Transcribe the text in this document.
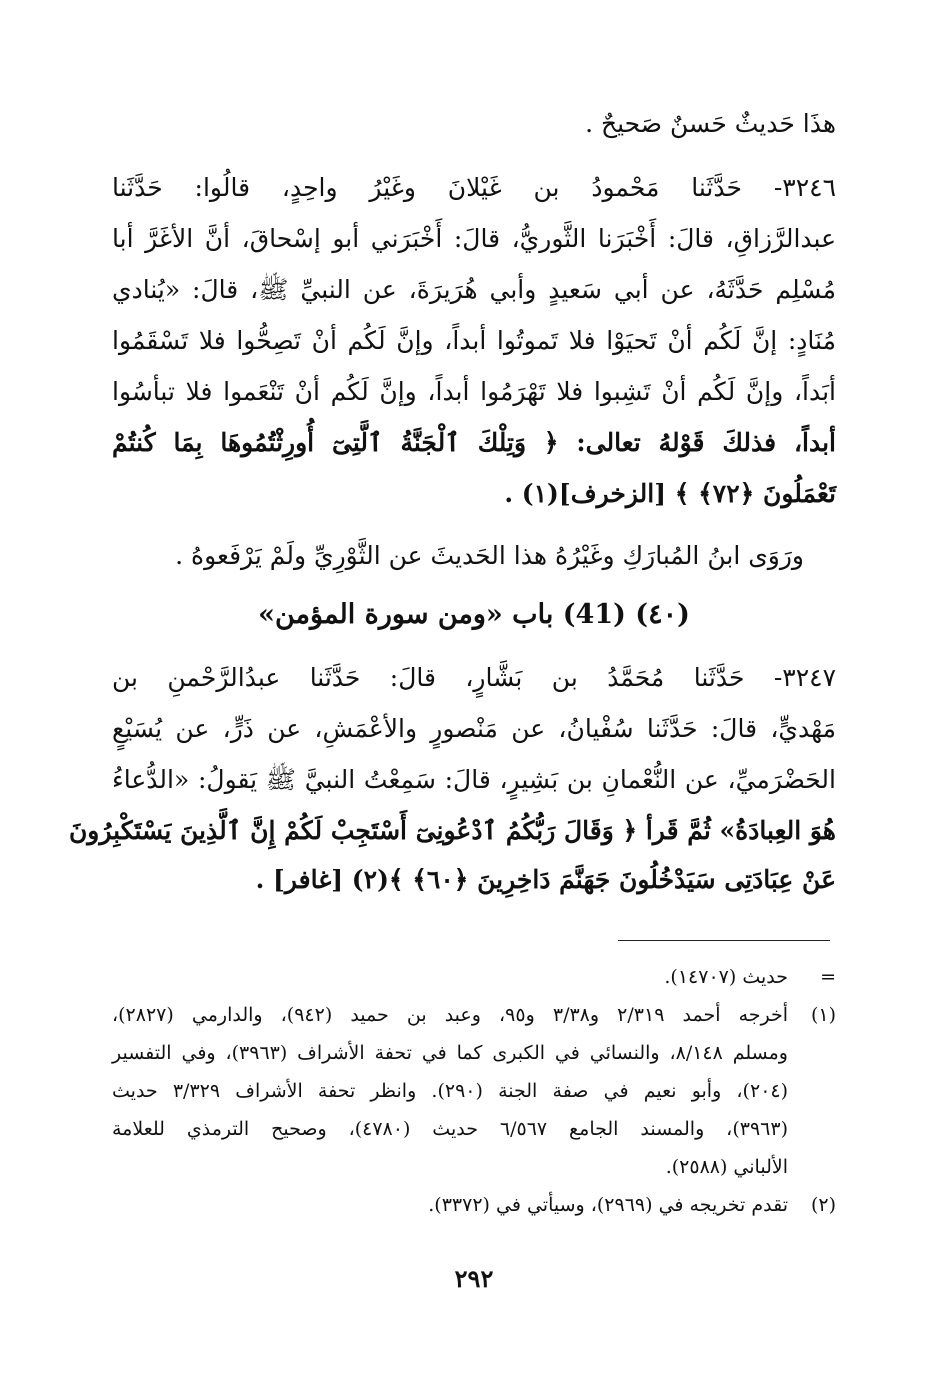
هذَا حَديثٌ حَسنٌ صَحيحٌ .
٣٢٤٦- حَدَّثَنا مَحْمودُ بن غَيْلانَ وغَيْرُ واحِدٍ، قالُوا: حَدَّثَنا
عبدالرَّزاقِ، قالَ: أَخْبَرَنا الثَّوريُّ، قالَ: أَخْبَرَني أبو إسْحاقَ، أنَّ الأغَرَّ أبا
مُسْلِم حَدَّثَهُ، عن أبي سَعيدٍ وأبي هُرَيرَةَ، عن النبيِّ ﷺ، قالَ: «يُنادي
مُنَادٍ: إنَّ لَكُم أنْ تَحيَوْا فلا تَموتُوا أبداً، وإنَّ لَكُم أنْ تَصِحُّوا فلا تَسْقَمُوا
أبَداً، وإنَّ لَكُم أنْ تَشِبوا فلا تَهْرَمُوا أبداً، وإنَّ لَكُم أنْ تَنْعَموا فلا تبأسُوا
أبداً، فذلكَ قَوْلهُ تعالى: ﴿ وَتِلْكَ ٱلْجَنَّةُ ٱلَّتِىٓ أُورِثْتُمُوهَا بِمَا كُنتُمْ
تَعْمَلُونَ ﴿٧٢﴾ ﴾ [الزخرف](١) .
ورَوَى ابنُ المُبارَكِ وغَيْرُهُ هذا الحَديثَ عن الثَّوْرِيِّ ولَمْ يَرْفَعوهُ .
(٤٠) (41) باب «ومن سورة المؤمن»
٣٢٤٧- حَدَّثَنا مُحَمَّدُ بن بَشَّارٍ، قالَ: حَدَّثَنا عبدُالرَّحْمنِ بن
مَهْديٍّ، قالَ: حَدَّثَنا سُفْيانُ، عن مَنْصورٍ والأعْمَشِ، عن ذَرٍّ، عن يُسَيْعٍ
الحَضْرَميِّ، عن النُّعْمانِ بن بَشِيرٍ، قالَ: سَمِعْتُ النبيَّ ﷺ يَقولُ: «الدُّعاءُ
هُوَ العِبادَةُ» ثُمَّ قَرأ ﴿ وَقَالَ رَبُّكُمُ ٱدْعُونِىٓ أَسْتَجِبْ لَكُمْ إِنَّ ٱلَّذِينَ يَسْتَكْبِرُونَ
عَنْ عِبَادَتِى سَيَدْخُلُونَ جَهَنَّمَ دَاخِرِينَ ﴿٦٠﴾ ﴾(٢) [غافر] .
=
حديث (١٤٧٠٧).
(١)
أخرجه أحمد ٢/٣١٩ و٣/٣٨ و٩٥، وعبد بن حميد (٩٤٢)، والدارمي (٢٨٢٧)،
ومسلم ٨/١٤٨، والنسائي في الكبرى كما في تحفة الأشراف (٣٩٦٣)، وفي التفسير
(٢٠٤)، وأبو نعيم في صفة الجنة (٢٩٠). وانظر تحفة الأشراف ٣/٣٢٩ حديث
(٣٩٦٣)، والمسند الجامع ٦/٥٦٧ حديث (٤٧٨٠)، وصحيح الترمذي للعلامة
الألباني (٢٥٨٨).
(٢)
تقدم تخريجه في (٢٩٦٩)، وسيأتي في (٣٣٧٢).
٢٩٢
